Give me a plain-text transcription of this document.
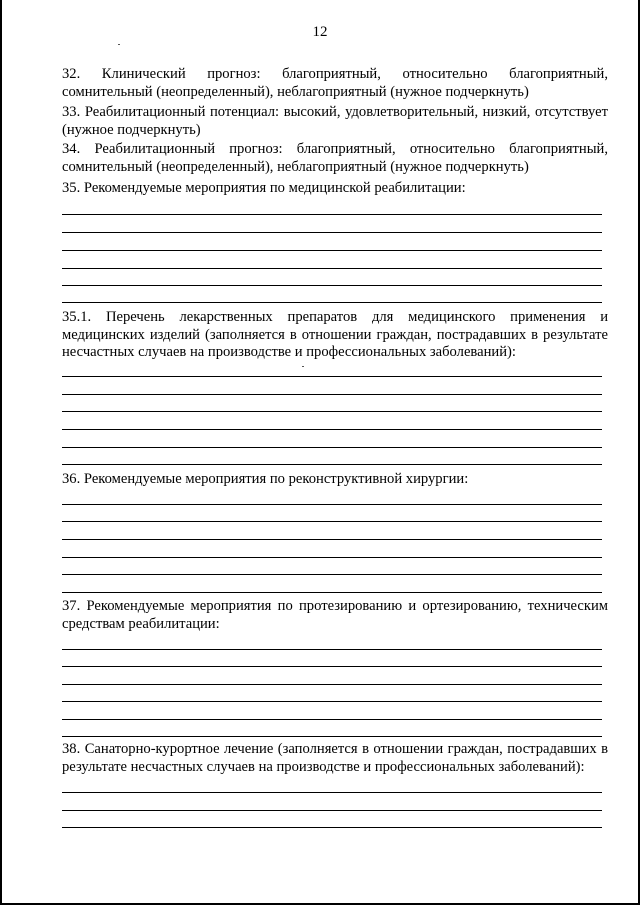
12
32. Клинический прогноз: благоприятный, относительно благоприятный, сомнительный (неопределенный), неблагоприятный (нужное подчеркнуть)
33. Реабилитационный потенциал: высокий, удовлетворительный, низкий, отсутствует (нужное подчеркнуть)
34. Реабилитационный прогноз: благоприятный, относительно благоприятный, сомнительный (неопределенный), неблагоприятный (нужное подчеркнуть)
35. Рекомендуемые мероприятия по медицинской реабилитации:
35.1. Перечень лекарственных препаратов для медицинского применения и медицинских изделий (заполняется в отношении граждан, пострадавших в результате несчастных случаев на производстве и профессиональных заболеваний):
36. Рекомендуемые мероприятия по реконструктивной хирургии:
37. Рекомендуемые мероприятия по протезированию и ортезированию, техническим средствам реабилитации:
38. Санаторно-курортное лечение (заполняется в отношении граждан, пострадавших в результате несчастных случаев на производстве и профессиональных заболеваний):
